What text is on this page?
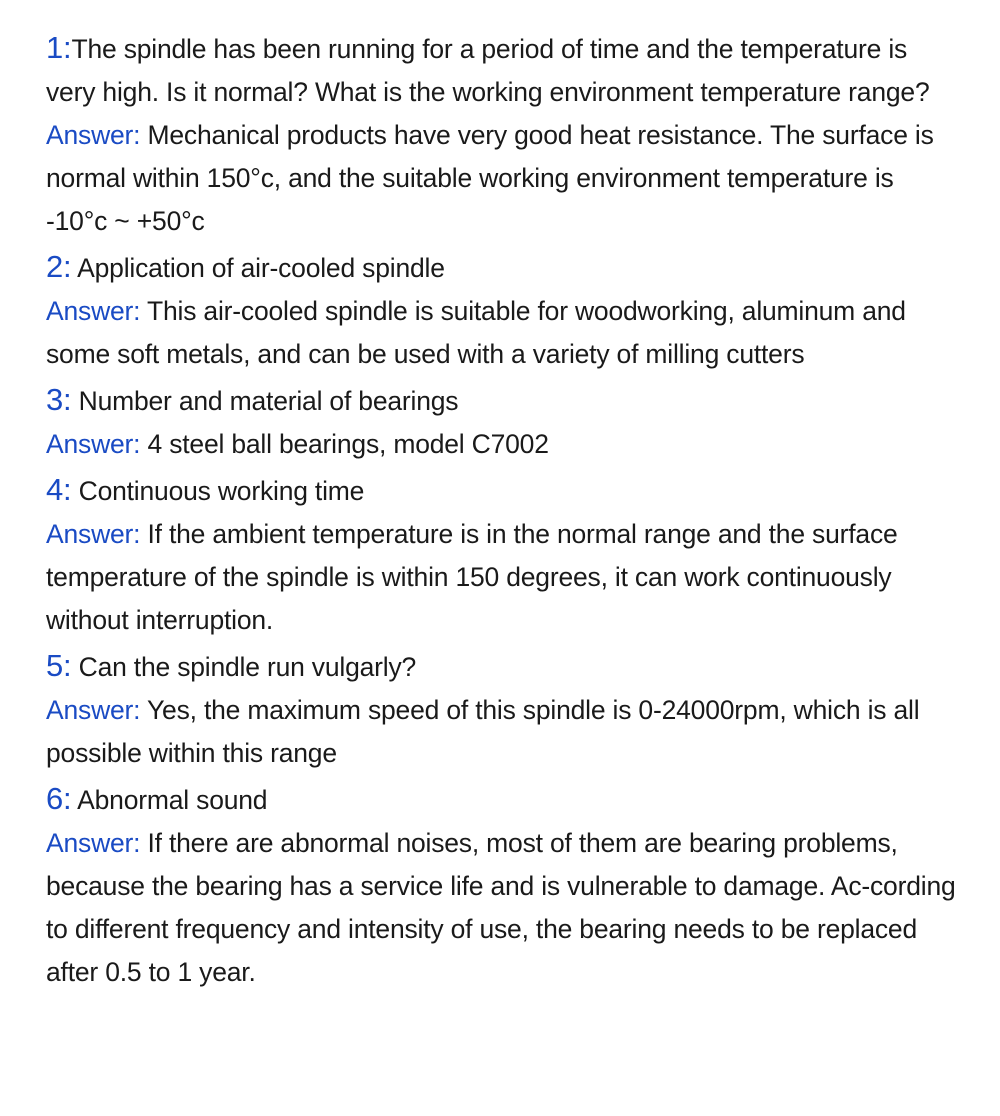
1:The spindle has been running for a period of time and the temperature is very high. Is it normal? What is the working environment temperature range?

Answer: Mechanical products have very good heat resistance. The surface is normal within 150°c, and the suitable working environment temperature is -10°c ~ +50°c

2: Application of air-cooled spindle

Answer: This air-cooled spindle is suitable for woodworking, aluminum and some soft metals, and can be used with a variety of milling cutters

3: Number and material of bearings

Answer: 4 steel ball bearings, model C7002

4: Continuous working time

Answer: If the ambient temperature is in the normal range and the surface temperature of the spindle is within 150 degrees, it can work continuously without interruption.

5: Can the spindle run vulgarly?

Answer: Yes, the maximum speed of this spindle is 0-24000rpm, which is all possible within this range

6: Abnormal sound

Answer: If there are abnormal noises, most of them are bearing problems, because the bearing has a service life and is vulnerable to damage. Ac-cording to different frequency and intensity of use, the bearing needs to be replaced after 0.5 to 1 year.
